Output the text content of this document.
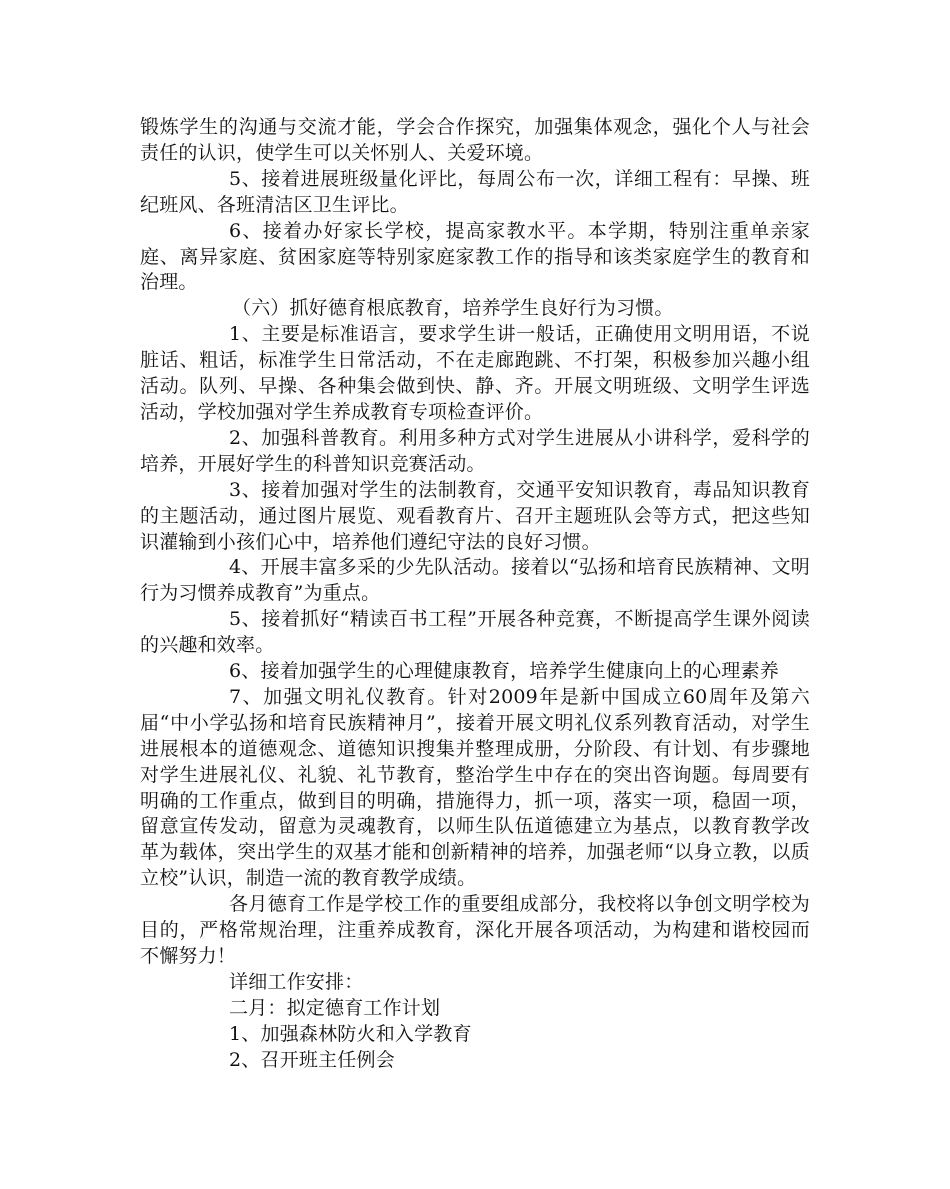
锻炼学生的沟通与交流才能，学会合作探究，加强集体观念，强化个人与社会责任的认识，使学生可以关怀别人、关爱环境。

5、接着进展班级量化评比，每周公布一次，详细工程有：早操、班纪班风、各班清洁区卫生评比。

6、接着办好家长学校，提高家教水平。本学期，特别注重单亲家庭、离异家庭、贫困家庭等特别家庭家教工作的指导和该类家庭学生的教育和治理。

（六）抓好德育根底教育，培养学生良好行为习惯。

1、主要是标准语言，要求学生讲一般话，正确使用文明用语，不说脏话、粗话，标准学生日常活动，不在走廊跑跳、不打架，积极参加兴趣小组活动。队列、早操、各种集会做到快、静、齐。开展文明班级、文明学生评选活动，学校加强对学生养成教育专项检查评价。

2、加强科普教育。利用多种方式对学生进展从小讲科学，爱科学的培养，开展好学生的科普知识竞赛活动。

3、接着加强对学生的法制教育，交通平安知识教育，毒品知识教育的主题活动，通过图片展览、观看教育片、召开主题班队会等方式，把这些知识灌输到小孩们心中，培养他们遵纪守法的良好习惯。

4、开展丰富多采的少先队活动。接着以“弘扬和培育民族精神、文明行为习惯养成教育”为重点。

5、接着抓好“精读百书工程”开展各种竞赛，不断提高学生课外阅读的兴趣和效率。

6、接着加强学生的心理健康教育，培养学生健康向上的心理素养

7、加强文明礼仪教育。针对2009年是新中国成立60周年及第六届“中小学弘扬和培育民族精神月”，接着开展文明礼仪系列教育活动，对学生进展根本的道德观念、道德知识搜集并整理成册，分阶段、有计划、有步骤地对学生进展礼仪、礼貌、礼节教育，整治学生中存在的突出咨询题。每周要有明确的工作重点，做到目的明确，措施得力，抓一项，落实一项，稳固一项，留意宣传发动，留意为灵魂教育，以师生队伍道德建立为基点，以教育教学改革为载体，突出学生的双基才能和创新精神的培养，加强老师“以身立教，以质立校”认识，制造一流的教育教学成绩。

各月德育工作是学校工作的重要组成部分，我校将以争创文明学校为目的，严格常规治理，注重养成教育，深化开展各项活动，为构建和谐校园而不懈努力！

详细工作安排：

二月：拟定德育工作计划

1、加强森林防火和入学教育

2、召开班主任例会
